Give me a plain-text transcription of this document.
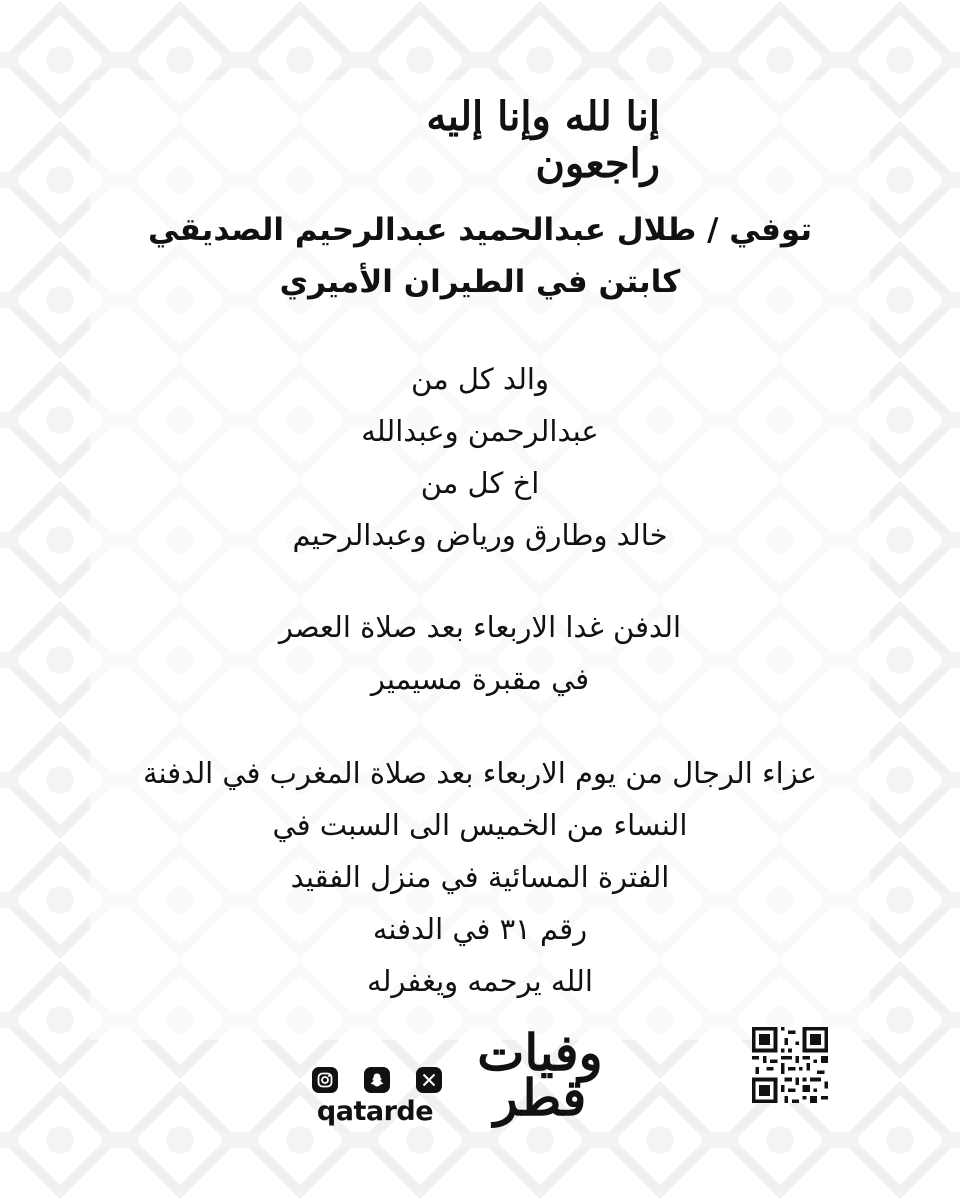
إنا لله وإنا إليه راجعون
توفي / طلال عبدالحميد عبدالرحيم الصديقي
كابتن في الطيران الأميري
والد كل من
عبدالرحمن وعبدالله
اخ كل من
خالد وطارق ورياض وعبدالرحيم
الدفن غدا الاربعاء بعد صلاة العصر
في مقبرة مسيمير
عزاء الرجال من يوم الاربعاء بعد صلاة المغرب في الدفنة
النساء من الخميس الى السبت في
الفترة المسائية في منزل الفقيد
رقم ٣١ في الدفنه
الله يرحمه ويغفرله
وفيات قطر
qatarde
